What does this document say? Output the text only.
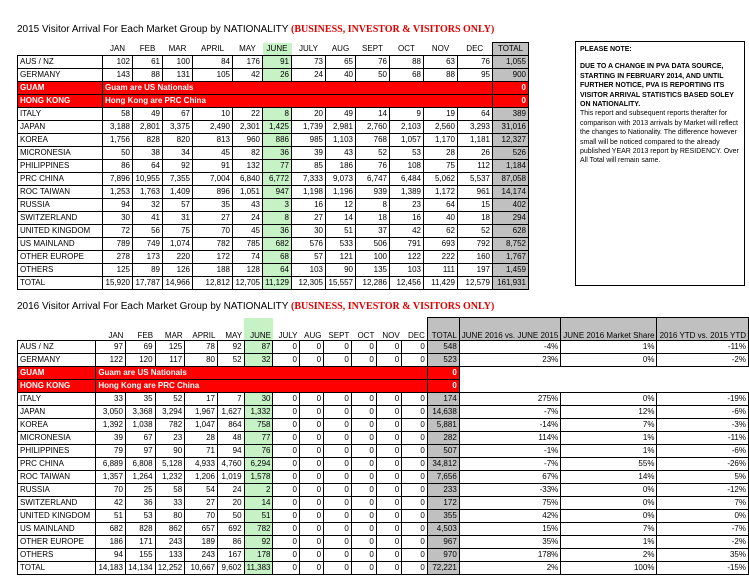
2015 Visitor Arrival For Each Market Group by NATIONALITY (BUSINESS, INVESTOR & VISITORS ONLY)
	JAN	FEB	MAR	APRIL	MAY	JUNE	JULY	AUG	SEPT	OCT	NOV	DEC	TOTAL
AUS / NZ	102	61	100	84	176	91	73	65	76	88	63	76	1,055
GERMANY	143	88	131	105	42	26	24	40	50	68	88	95	900
GUAM	Guam are US Nationals												0
HONG KONG	Hong Kong are PRC China												0
ITALY	58	49	67	10	22	8	20	49	14	9	19	64	389
JAPAN	3,188	2,801	3,375	2,490	2,301	1,425	1,739	2,981	2,760	2,103	2,560	3,293	31,016
KOREA	1,756	828	820	813	960	886	985	1,103	768	1,057	1,170	1,181	12,327
MICRONESIA	50	38	34	45	82	36	39	43	52	53	28	26	526
PHILIPPINES	86	64	92	91	132	77	85	186	76	108	75	112	1,184
PRC CHINA	7,896	10,955	7,355	7,004	6,840	6,772	7,333	9,073	6,747	6,484	5,062	5,537	87,058
ROC TAIWAN	1,253	1,763	1,409	896	1,051	947	1,198	1,196	939	1,389	1,172	961	14,174
RUSSIA	94	32	57	35	43	3	16	12	8	23	64	15	402
SWITZERLAND	30	41	31	27	24	8	27	14	18	16	40	18	294
UNITED KINGDOM	72	56	75	70	45	36	30	51	37	42	62	52	628
US MAINLAND	789	749	1,074	782	785	682	576	533	506	791	693	792	8,752
OTHER EUROPE	278	173	220	172	74	68	57	121	100	122	222	160	1,767
OTHERS	125	89	126	188	128	64	103	90	135	103	111	197	1,459
TOTAL	15,920	17,787	14,966	12,812	12,705	11,129	12,305	15,557	12,286	12,456	11,429	12,579	161,931
PLEASE NOTE:
DUE TO A CHANGE IN PVA DATA SOURCE, STARTING IN FEBRUARY 2014, AND UNTIL FURTHER NOTICE, PVA IS REPORTING ITS VISITOR ARRIVAL STATISTICS BASED SOLEY ON NATIONALITY.
This report and subsequent reports therafter for comparison with 2013 arrivals by Market will reflect the changes to Nationality. The difference however small will be noticed compared to the already published YEAR 2013 report by RESIDENCY. Over All Total will remain same.
2016 Visitor Arrival For Each Market Group by NATIONALITY (BUSINESS, INVESTOR & VISITORS ONLY)
	JAN	FEB	MAR	APRIL	MAY	JUNE	JULY	AUG	SEPT	OCT	NOV	DEC	TOTAL	JUNE 2016 vs. JUNE 2015	JUNE 2016 Market Share	2016 YTD vs. 2015 YTD
AUS / NZ	97	69	125	78	92	87	0	0	0	0	0	0	548	-4%	1%	-11%
GERMANY	122	120	117	80	52	32	0	0	0	0	0	0	523	23%	0%	-2%
GUAM	Guam are US Nationals												0			
HONG KONG	Hong Kong are PRC China												0			
ITALY	33	35	52	17	7	30	0	0	0	0	0	0	174	275%	0%	-19%
JAPAN	3,050	3,368	3,294	1,967	1,627	1,332	0	0	0	0	0	0	14,638	-7%	12%	-6%
KOREA	1,392	1,038	782	1,047	864	758	0	0	0	0	0	0	5,881	-14%	7%	-3%
MICRONESIA	39	67	23	28	48	77	0	0	0	0	0	0	282	114%	1%	-11%
PHILIPPINES	79	97	90	71	94	76	0	0	0	0	0	0	507	-1%	1%	-6%
PRC CHINA	6,889	6,808	5,128	4,933	4,760	6,294	0	0	0	0	0	0	34,812	-7%	55%	-26%
ROC TAIWAN	1,357	1,264	1,232	1,206	1,019	1,578	0	0	0	0	0	0	7,656	67%	14%	5%
RUSSIA	70	25	58	54	24	2	0	0	0	0	0	0	233	-33%	0%	-12%
SWITZERLAND	42	36	33	27	20	14	0	0	0	0	0	0	172	75%	0%	7%
UNITED KINGDOM	51	53	80	70	50	51	0	0	0	0	0	0	355	42%	0%	0%
US MAINLAND	682	828	862	657	692	782	0	0	0	0	0	0	4,503	15%	7%	-7%
OTHER EUROPE	186	171	243	189	86	92	0	0	0	0	0	0	967	35%	1%	-2%
OTHERS	94	155	133	243	167	178	0	0	0	0	0	0	970	178%	2%	35%
TOTAL	14,183	14,134	12,252	10,667	9,602	11,383	0	0	0	0	0	0	72,221	2%	100%	-15%
